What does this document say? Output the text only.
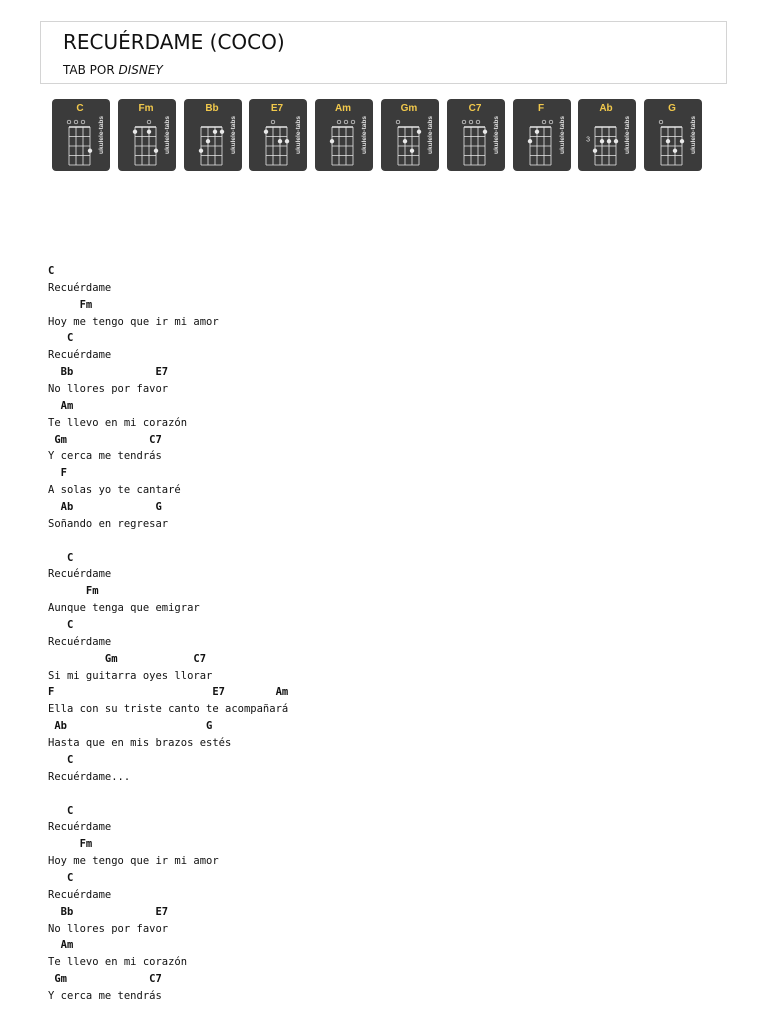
RECUÉRDAME (COCO)
TAB POR DISNEY
C
ukulele-tabs
Fm
ukulele-tabs
Bb
ukulele-tabs
E7
ukulele-tabs
Am
ukulele-tabs
Gm
ukulele-tabs
C7
ukulele-tabs
F
ukulele-tabs
Ab
3	ukulele-tabs
G
ukulele-tabs
C
Recuérdame
Fm
Hoy me tengo que ir mi amor
C
Recuérdame
Bb             E7
No llores por favor
Am
Te llevo en mi corazón
Gm             C7
Y cerca me tendrás
F
A solas yo te cantaré
Ab             G
Soñando en regresar
C
Recuérdame
Fm
Aunque tenga que emigrar
C
Recuérdame
Gm            C7
Si mi guitarra oyes llorar
F                         E7        Am
Ella con su triste canto te acompañará
Ab                      G
Hasta que en mis brazos estés
C
Recuérdame...
C
Recuérdame
Fm
Hoy me tengo que ir mi amor
C
Recuérdame
Bb             E7
No llores por favor
Am
Te llevo en mi corazón
Gm             C7
Y cerca me tendrás
